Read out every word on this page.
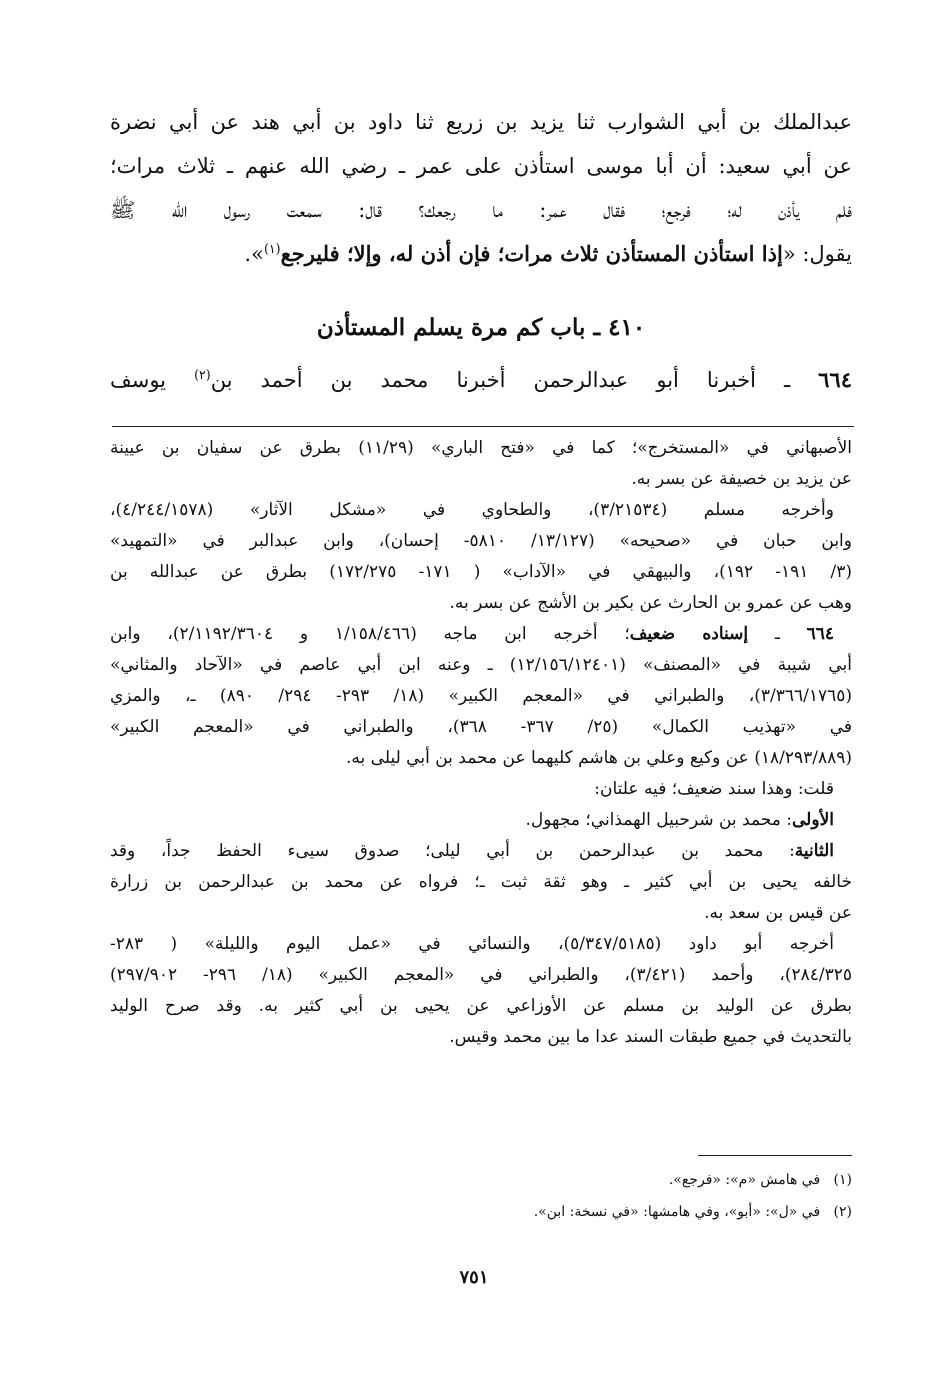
عبدالملك بن أبي الشوارب ثنا يزيد بن زريع ثنا داود بن أبي هند عن أبي نضرة
عن أبي سعيد: أن أبا موسى استأذن على عمر ـ رضي الله عنهم ـ ثلاث مرات؛
فلم يأذن له؛ فرجع؛ فقال عمر: ما رجعك؟ قال: سمعت رسول الله ﷺ
يقول: «إذا استأذن المستأذن ثلاث مرات؛ فإن أذن له، وإلا؛ فليرجع$^{(١)}$».
٤١٠ ـ باب كم مرة يسلم المستأذن
٦٦٤ ـ أخبرنا أبو عبدالرحمن أخبرنا محمد بن أحمد بن$^{(٢)}$ يوسف
الأصبهاني في «المستخرج»؛ كما في «فتح الباري» (١١/٢٩) بطرق عن سفيان بن عيينة
عن يزيد بن خصيفة عن بسر به.
وأخرجه مسلم (٣/٢١٥٣٤)، والطحاوي في «مشكل الآثار» (٤/٢٤٤/١٥٧٨)،
وابن حبان في «صحيحه» (١٣/١٢٧/ ٥٨١٠- إحسان)، وابن عبدالبر في «التمهيد»
(٣/ ١٩١- ١٩٢)، والبيهقي في «الآداب» ( ١٧١- ١٧٢/٢٧٥) بطرق عن عبدالله بن
وهب عن عمرو بن الحارث عن بكير بن الأشج عن بسر به.
٦٦٤ ـ إسناده ضعيف؛ أخرجه ابن ماجه (١/١٥٨/٤٦٦ و ٢/١١٩٢/٣٦٠٤)، وابن
أبي شيبة في «المصنف» (١٢/١٥٦/١٢٤٠١) ـ وعنه ابن أبي عاصم في «الآحاد والمثاني»
(٣/٣٦٦/١٧٦٥)، والطبراني في «المعجم الكبير» (١٨/ ٢٩٣- ٢٩٤/ ٨٩٠) ـ، والمزي
في «تهذيب الكمال» (٢٥/ ٣٦٧- ٣٦٨)، والطبراني في «المعجم الكبير»
(١٨/٢٩٣/٨٨٩) عن وكيع وعلي بن هاشم كليهما عن محمد بن أبي ليلى به.
قلت: وهذا سند ضعيف؛ فيه علتان:
الأولى: محمد بن شرحبيل الهمذاني؛ مجهول.
الثانية: محمد بن عبدالرحمن بن أبي ليلى؛ صدوق سيىء الحفظ جداً، وقد
خالفه يحيى بن أبي كثير ـ وهو ثقة ثبت ـ؛ فرواه عن محمد بن عبدالرحمن بن زرارة
عن قيس بن سعد به.
أخرجه أبو داود (٥/٣٤٧/٥١٨٥)، والنسائي في «عمل اليوم والليلة» ( ٢٨٣-
٢٨٤/٣٢٥)، وأحمد (٣/٤٢١)، والطبراني في «المعجم الكبير» (١٨/ ٢٩٦- ٢٩٧/٩٠٢)
بطرق عن الوليد بن مسلم عن الأوزاعي عن يحيى بن أبي كثير به. وقد صرح الوليد
بالتحديث في جميع طبقات السند عدا ما بين محمد وقيس.
(١)   في هامش «م»: «فرجع».
(٢)   في «ل»: «أبو»، وفي هامشها: «في نسخة: ابن».
٧٥١
